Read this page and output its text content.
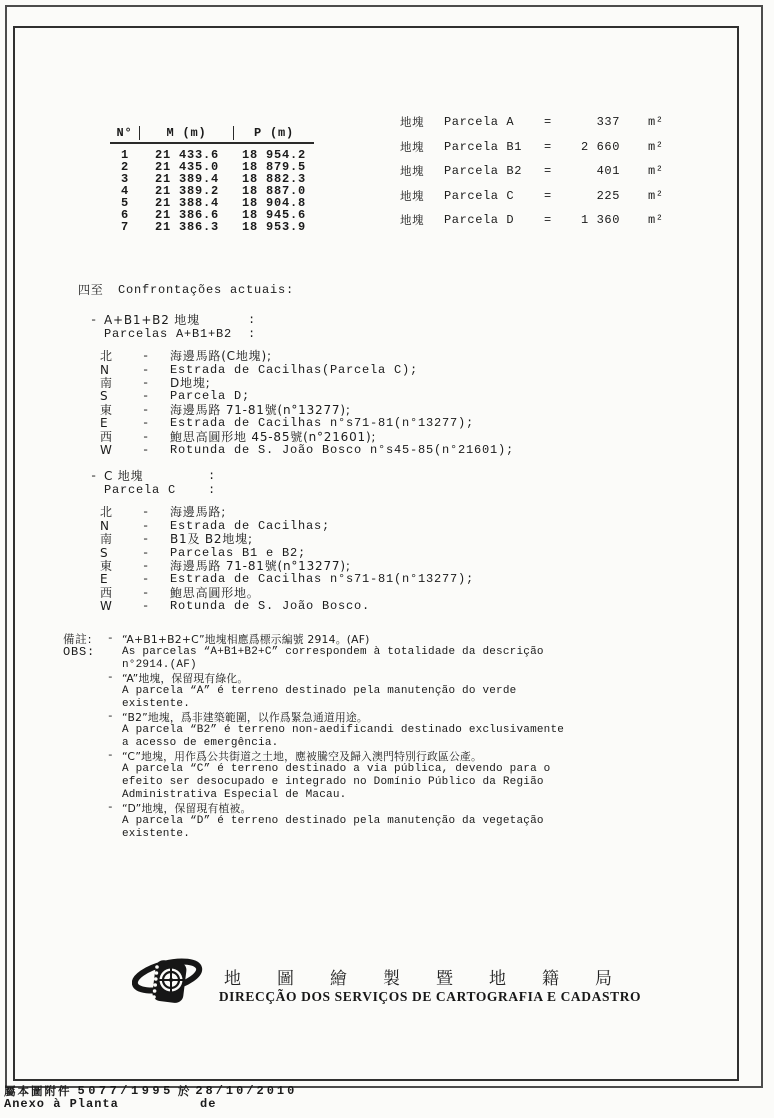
N°	M (m)	P (m)
1	21 433.6	18 954.2
2	21 435.0	18 879.5
3	21 389.4	18 882.3
4	21 389.2	18 887.0
5	21 388.4	18 904.8
6	21 386.6	18 945.6
7	21 386.3	18 953.9
地塊	Parcela A	=	337 m²
地塊	Parcela B1	=	2 660 m²
地塊	Parcela B2	=	401 m²
地塊	Parcela C	=	225 m²
地塊	Parcela D	=	1 360 m²
四至	Confrontações actuais:
- A+B1+B2 地塊	:
Parcelas A+B1+B2	:
北	-	海邊馬路(C地塊);
N	-	Estrada de Cacilhas(Parcela C);
南	-	D地塊;
S	-	Parcela D;
東	-	海邊馬路 71-81號(n°13277);
E	-	Estrada de Cacilhas n°s71-81(n°13277);
西	-	鮑思高圓形地 45-85號(n°21601);
W	-	Rotunda de S. João Bosco n°s45-85(n°21601);
- C 地塊	:
Parcela C	:
北	-	海邊馬路;
N	-	Estrada de Cacilhas;
南	-	B1及 B2地塊;
S	-	Parcelas B1 e B2;
東	-	海邊馬路 71-81號(n°13277);
E	-	Estrada de Cacilhas n°s71-81(n°13277);
西	-	鮑思高圓形地。
W	-	Rotunda de S. João Bosco.
備註:
OBS:
- “A+B1+B2+C”地塊相應爲標示編號 2914。(AF)
As parcelas “A+B1+B2+C” correspondem à totalidade da descrição
n°2914.(AF)
- “A”地塊，保留現有綠化。
A parcela “A” é terreno destinado pela manutenção do verde
existente.
- “B2”地塊，爲非建築範圍，以作爲緊急通道用途。
A parcela “B2” é terreno non-aedificandi destinado exclusivamente
a acesso de emergência.
- “C”地塊，用作爲公共街道之土地，應被騰空及歸入澳門特別行政區公產。
A parcela “C” é terreno destinado a via pública, devendo para o
efeito ser desocupado e integrado no Domínio Público da Região
Administrativa Especial de Macau.
- “D”地塊，保留現有植被。
A parcela “D” é terreno destinado pela manutenção da vegetação
existente.
地圖繪製暨地籍局
DIRECÇÃO DOS SERVIÇOS DE CARTOGRAFIA E CADASTRO
屬本圖附件 5077/1995 於 28/10/2010
Anexo à Planta	de
